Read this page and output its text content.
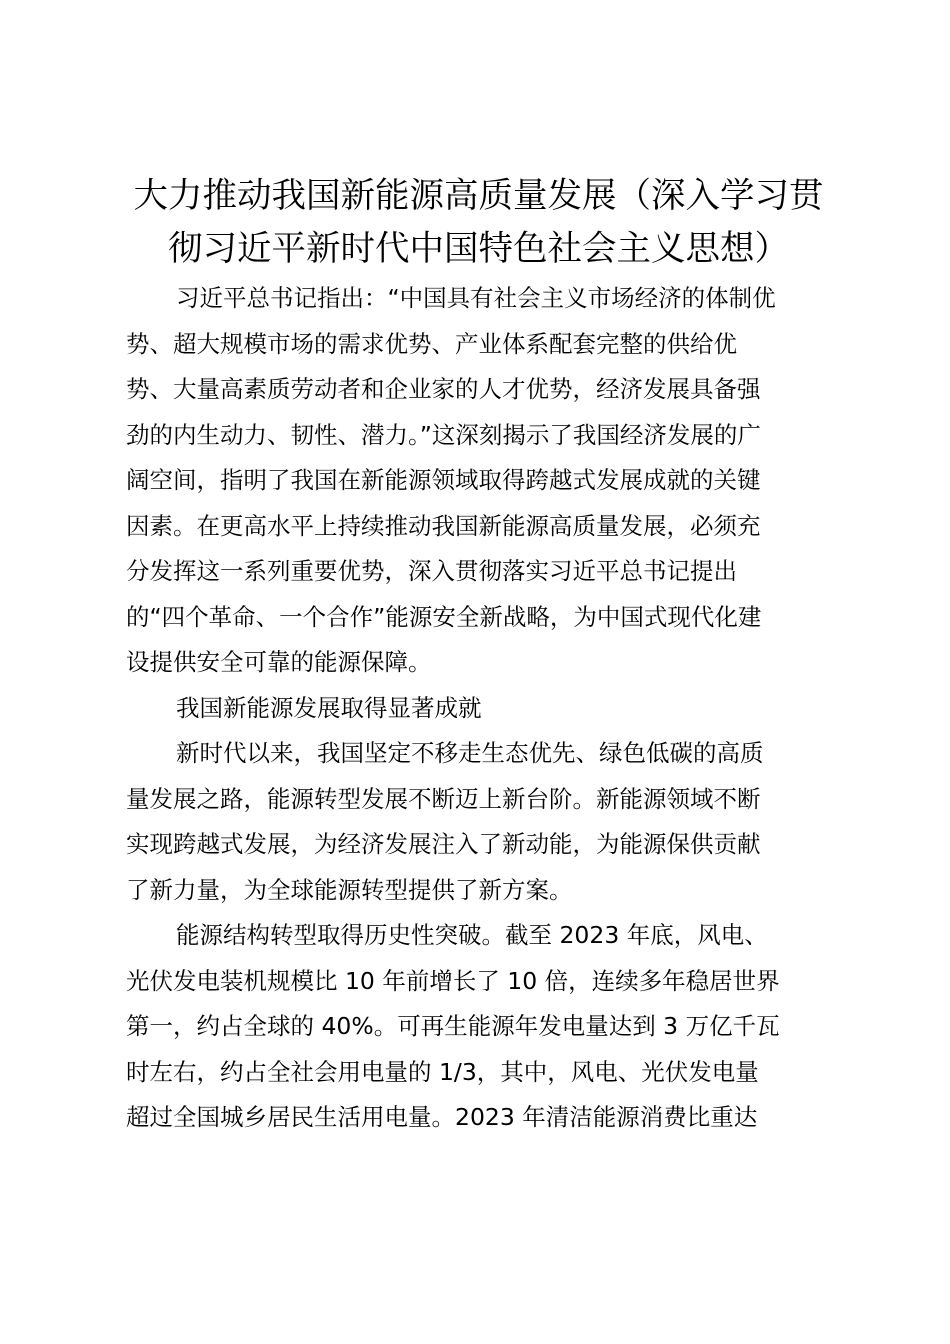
大力推动我国新能源高质量发展（深入学习贯
彻习近平新时代中国特色社会主义思想）

习近平总书记指出：“中国具有社会主义市场经济的体制优
势、超大规模市场的需求优势、产业体系配套完整的供给优
势、大量高素质劳动者和企业家的人才优势，经济发展具备强
劲的内生动力、韧性、潜力。”这深刻揭示了我国经济发展的广
阔空间，指明了我国在新能源领域取得跨越式发展成就的关键
因素。在更高水平上持续推动我国新能源高质量发展，必须充
分发挥这一系列重要优势，深入贯彻落实习近平总书记提出
的“四个革命、一个合作”能源安全新战略，为中国式现代化建
设提供安全可靠的能源保障。

我国新能源发展取得显著成就

新时代以来，我国坚定不移走生态优先、绿色低碳的高质
量发展之路，能源转型发展不断迈上新台阶。新能源领域不断
实现跨越式发展，为经济发展注入了新动能，为能源保供贡献
了新力量，为全球能源转型提供了新方案。

能源结构转型取得历史性突破。截至 2023 年底，风电、
光伏发电装机规模比 10 年前增长了 10 倍，连续多年稳居世界
第一，约占全球的 40%。可再生能源年发电量达到 3 万亿千瓦
时左右，约占全社会用电量的 1/3，其中，风电、光伏发电量
超过全国城乡居民生活用电量。2023 年清洁能源消费比重达
